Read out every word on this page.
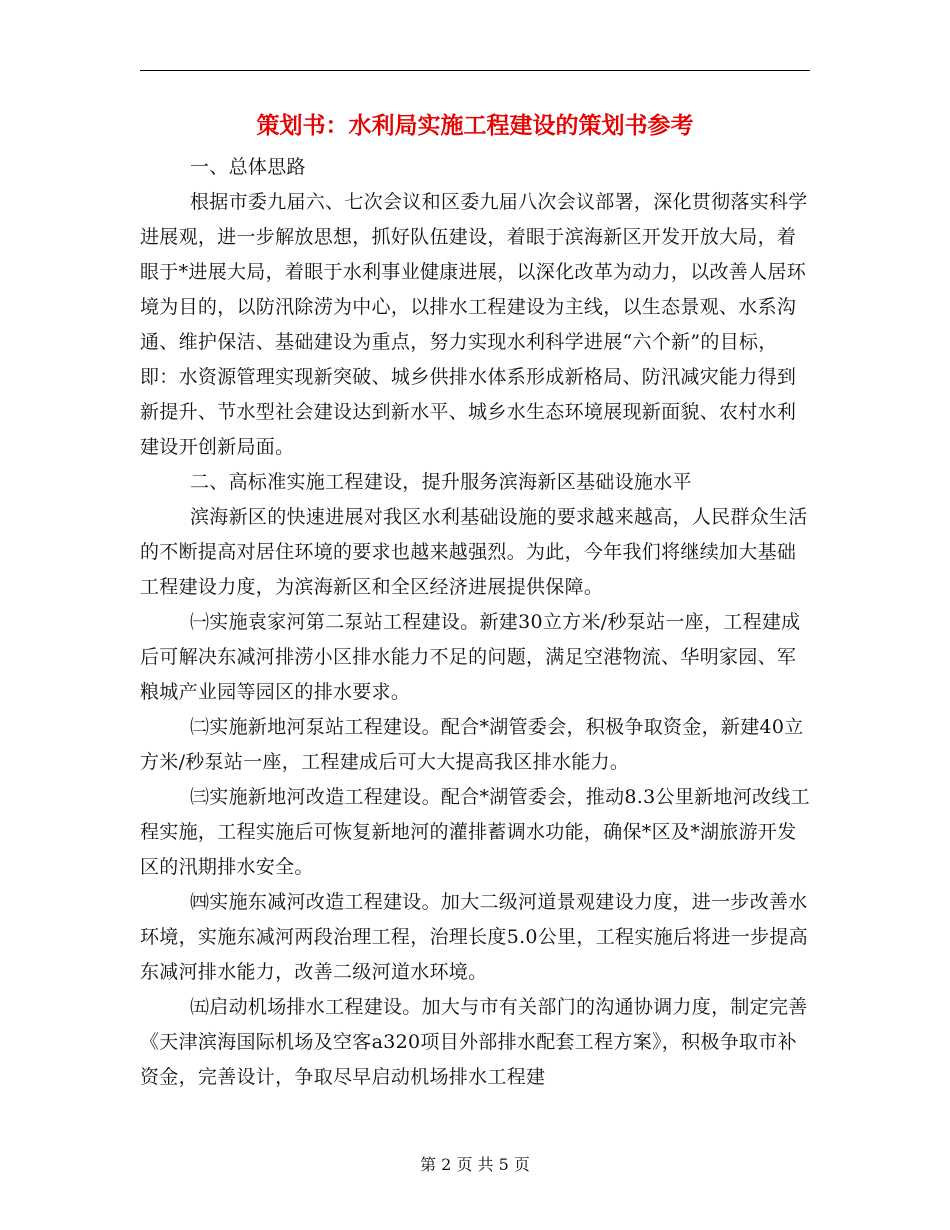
策划书：水利局实施工程建设的策划书参考

一、总体思路

根据市委九届六、七次会议和区委九届八次会议部署，深化贯彻落实科学进展观，进一步解放思想，抓好队伍建设，着眼于滨海新区开发开放大局，着眼于*进展大局，着眼于水利事业健康进展，以深化改革为动力，以改善人居环境为目的，以防汛除涝为中心，以排水工程建设为主线，以生态景观、水系沟通、维护保洁、基础建设为重点，努力实现水利科学进展“六个新”的目标，即：水资源管理实现新突破、城乡供排水体系形成新格局、防汛减灾能力得到新提升、节水型社会建设达到新水平、城乡水生态环境展现新面貌、农村水利建设开创新局面。

二、高标准实施工程建设，提升服务滨海新区基础设施水平

滨海新区的快速进展对我区水利基础设施的要求越来越高，人民群众生活的不断提高对居住环境的要求也越来越强烈。为此，今年我们将继续加大基础工程建设力度，为滨海新区和全区经济进展提供保障。

㈠实施袁家河第二泵站工程建设。新建30立方米/秒泵站一座，工程建成后可解决东减河排涝小区排水能力不足的问题，满足空港物流、华明家园、军粮城产业园等园区的排水要求。

㈡实施新地河泵站工程建设。配合*湖管委会，积极争取资金，新建40立方米/秒泵站一座，工程建成后可大大提高我区排水能力。

㈢实施新地河改造工程建设。配合*湖管委会，推动8.3公里新地河改线工程实施，工程实施后可恢复新地河的灌排蓄调水功能，确保*区及*湖旅游开发区的汛期排水安全。

㈣实施东减河改造工程建设。加大二级河道景观建设力度，进一步改善水环境，实施东减河两段治理工程，治理长度5.0公里，工程实施后将进一步提高东减河排水能力，改善二级河道水环境。

㈤启动机场排水工程建设。加大与市有关部门的沟通协调力度，制定完善《天津滨海国际机场及空客a320项目外部排水配套工程方案》，积极争取市补资金，完善设计，争取尽早启动机场排水工程建

第 2 页 共 5 页
